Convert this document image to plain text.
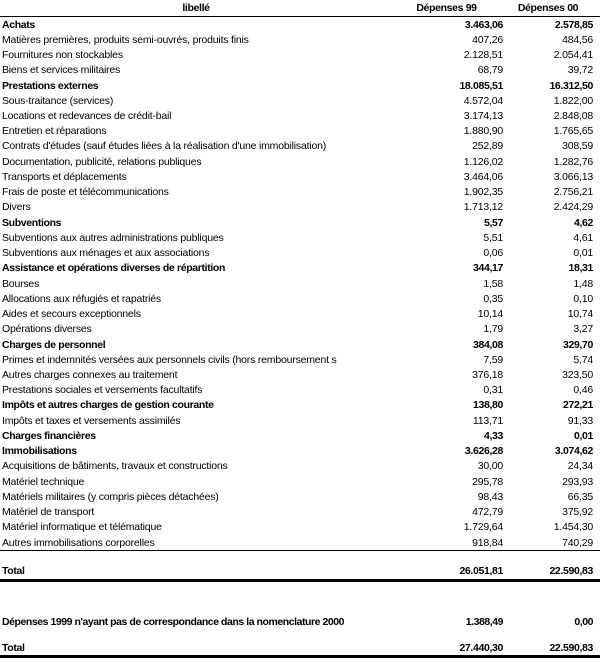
libellé	Dépenses 99	Dépenses 00
Achats	3.463,06	2.578,85
Matières premières, produits semi-ouvrés, produits finis	407,26	484,56
Fournitures non stockables	2.128,51	2.054,41
Biens et services militaires	68,79	39,72
Prestations externes	18.085,51	16.312,50
Sous-traitance (services)	4.572,04	1.822,00
Locations et redevances de crédit-bail	3.174,13	2.848,08
Entretien et réparations	1.880,90	1.765,65
Contrats d'études (sauf études liées à la réalisation d'une immobilisation)	252,89	308,59
Documentation, publicité, relations publiques	1.126,02	1.282,76
Transports et déplacements	3.464,06	3.066,13
Frais de poste et télécommunications	1.902,35	2.756,21
Divers	1.713,12	2.424,29
Subventions	5,57	4,62
Subventions aux autres administrations publiques	5,51	4,61
Subventions aux ménages et aux associations	0,06	0,01
Assistance et opérations diverses de répartition	344,17	18,31
Bourses	1,58	1,48
Allocations aux réfugiés et rapatriés	0,35	0,10
Aides et secours exceptionnels	10,14	10,74
Opérations diverses	1,79	3,27
Charges de personnel	384,08	329,70
Primes et indemnités versées aux personnels civils (hors remboursement s	7,59	5,74
Autres charges connexes au traitement	376,18	323,50
Prestations sociales et versements facultatifs	0,31	0,46
Impôts et autres charges de gestion courante	138,80	272,21
Impôts et taxes et versements assimilés	113,71	91,33
Charges financières	4,33	0,01
Immobilisations	3.626,28	3.074,62
Acquisitions de bâtiments, travaux et constructions	30,00	24,34
Matériel technique	295,78	293,93
Matériels militaires (y compris pièces détachées)	98,43	66,35
Matériel de transport	472,79	375,92
Matériel informatique et télématique	1.729,64	1.454,30
Autres immobilisations corporelles	918,84	740,29
Total	26.051,81	22.590,83
Dépenses 1999 n'ayant pas de correspondance dans la nomenclature 2000	1.388,49	0,00
Total	27.440,30	22.590,83
